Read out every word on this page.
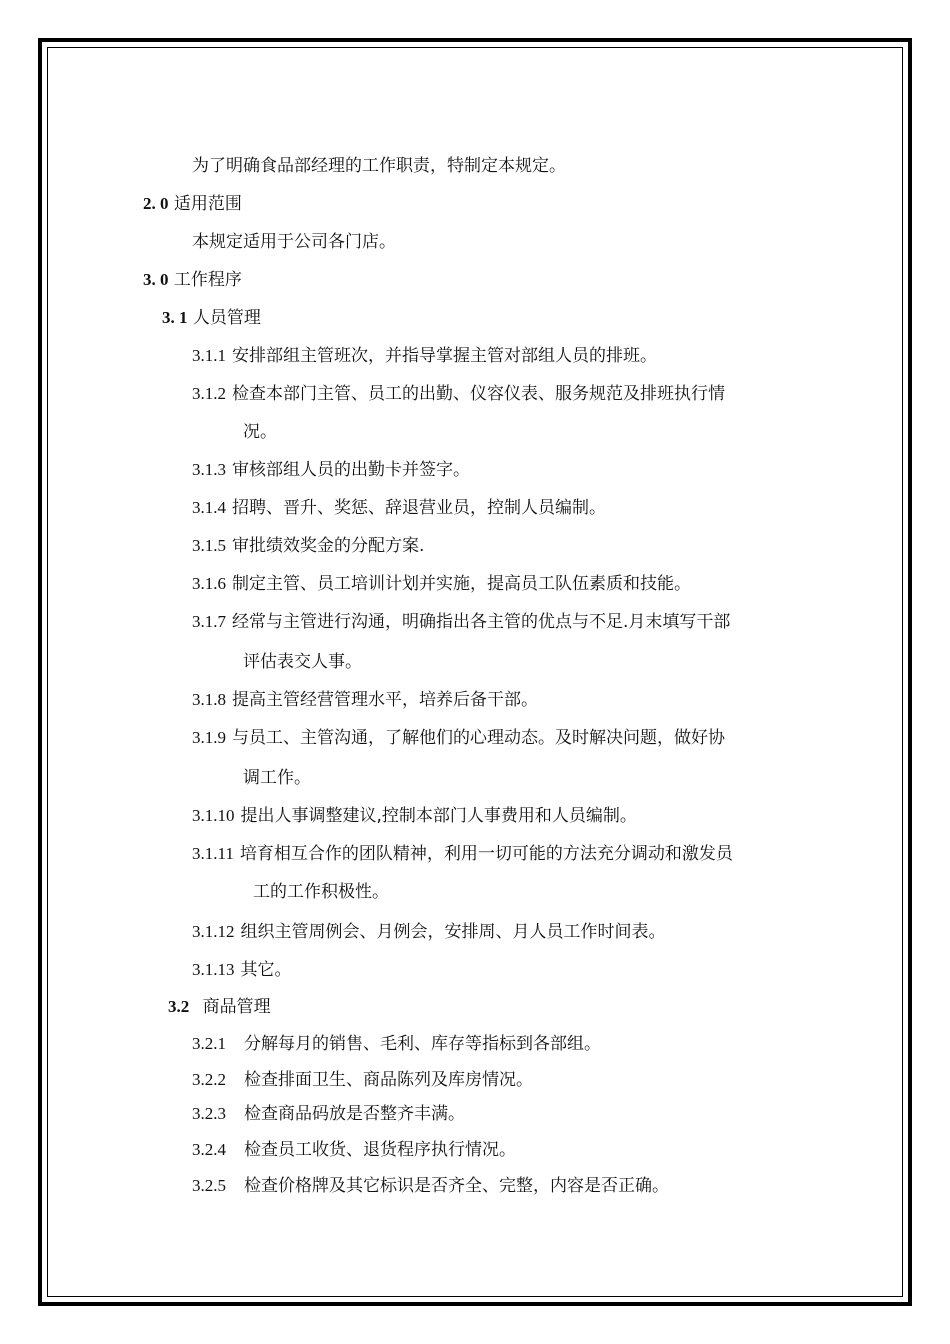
为了明确食品部经理的工作职责，特制定本规定。
2. 0 适用范围
本规定适用于公司各门店。
3. 0 工作程序
3. 1 人员管理
3.1.1 安排部组主管班次，并指导掌握主管对部组人员的排班。
3.1.2 检查本部门主管、员工的出勤、仪容仪表、服务规范及排班执行情
况。
3.1.3 审核部组人员的出勤卡并签字。
3.1.4 招聘、晋升、奖惩、辞退营业员，控制人员编制。
3.1.5 审批绩效奖金的分配方案.
3.1.6 制定主管、员工培训计划并实施，提高员工队伍素质和技能。
3.1.7 经常与主管进行沟通，明确指出各主管的优点与不足.月末填写干部
评估表交人事。
3.1.8 提高主管经营管理水平，培养后备干部。
3.1.9 与员工、主管沟通，了解他们的心理动态。及时解决问题，做好协
调工作。
3.1.10 提出人事调整建议,控制本部门人事费用和人员编制。
3.1.11 培育相互合作的团队精神，利用一切可能的方法充分调动和激发员
工的工作积极性。
3.1.12 组织主管周例会、月例会，安排周、月人员工作时间表。
3.1.13 其它。
3.2 商品管理
3.2.1 分解每月的销售、毛利、库存等指标到各部组。
3.2.2 检查排面卫生、商品陈列及库房情况。
3.2.3 检查商品码放是否整齐丰满。
3.2.4 检查员工收货、退货程序执行情况。
3.2.5 检查价格牌及其它标识是否齐全、完整，内容是否正确。
